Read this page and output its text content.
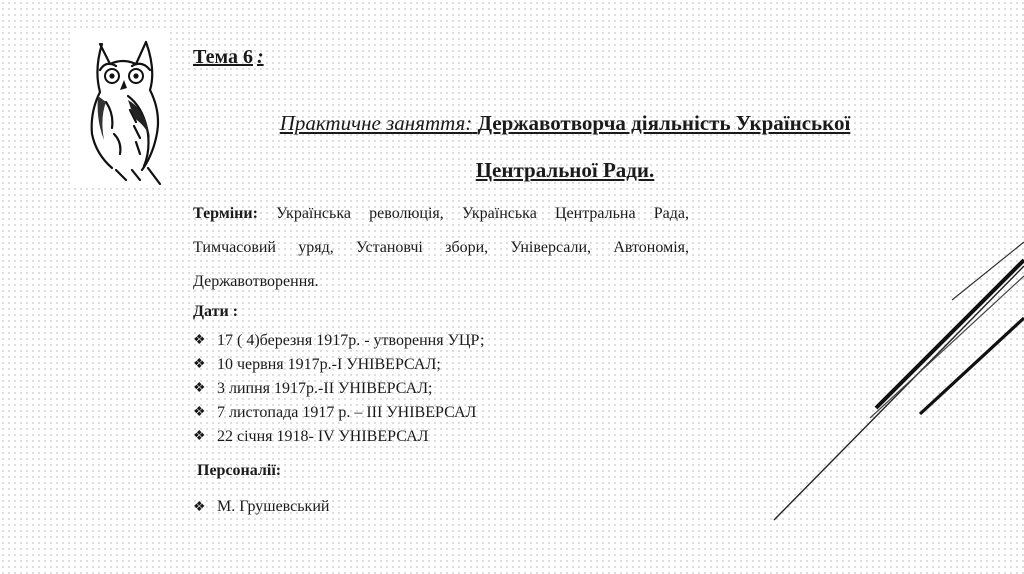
Тема 6 :
Практичне заняття: Державотворча діяльність Української
Центральної Ради.
Терміни: Українська революція, Українська Центральна Рада, Тимчасовий уряд, Установчі збори, Універсали, Автономія, Державотворення.
Дати :
❖ 17 ( 4)березня 1917р. - утворення УЦР;
❖ 10 червня 1917р.-І УНІВЕРСАЛ;
❖ 3 липня 1917р.-ІІ УНІВЕРСАЛ;
❖ 7 листопада 1917 р. – ІІІ УНІВЕРСАЛ
❖ 22 січня 1918- IV УНІВЕРСАЛ
Персоналії:
❖ М. Грушевський
